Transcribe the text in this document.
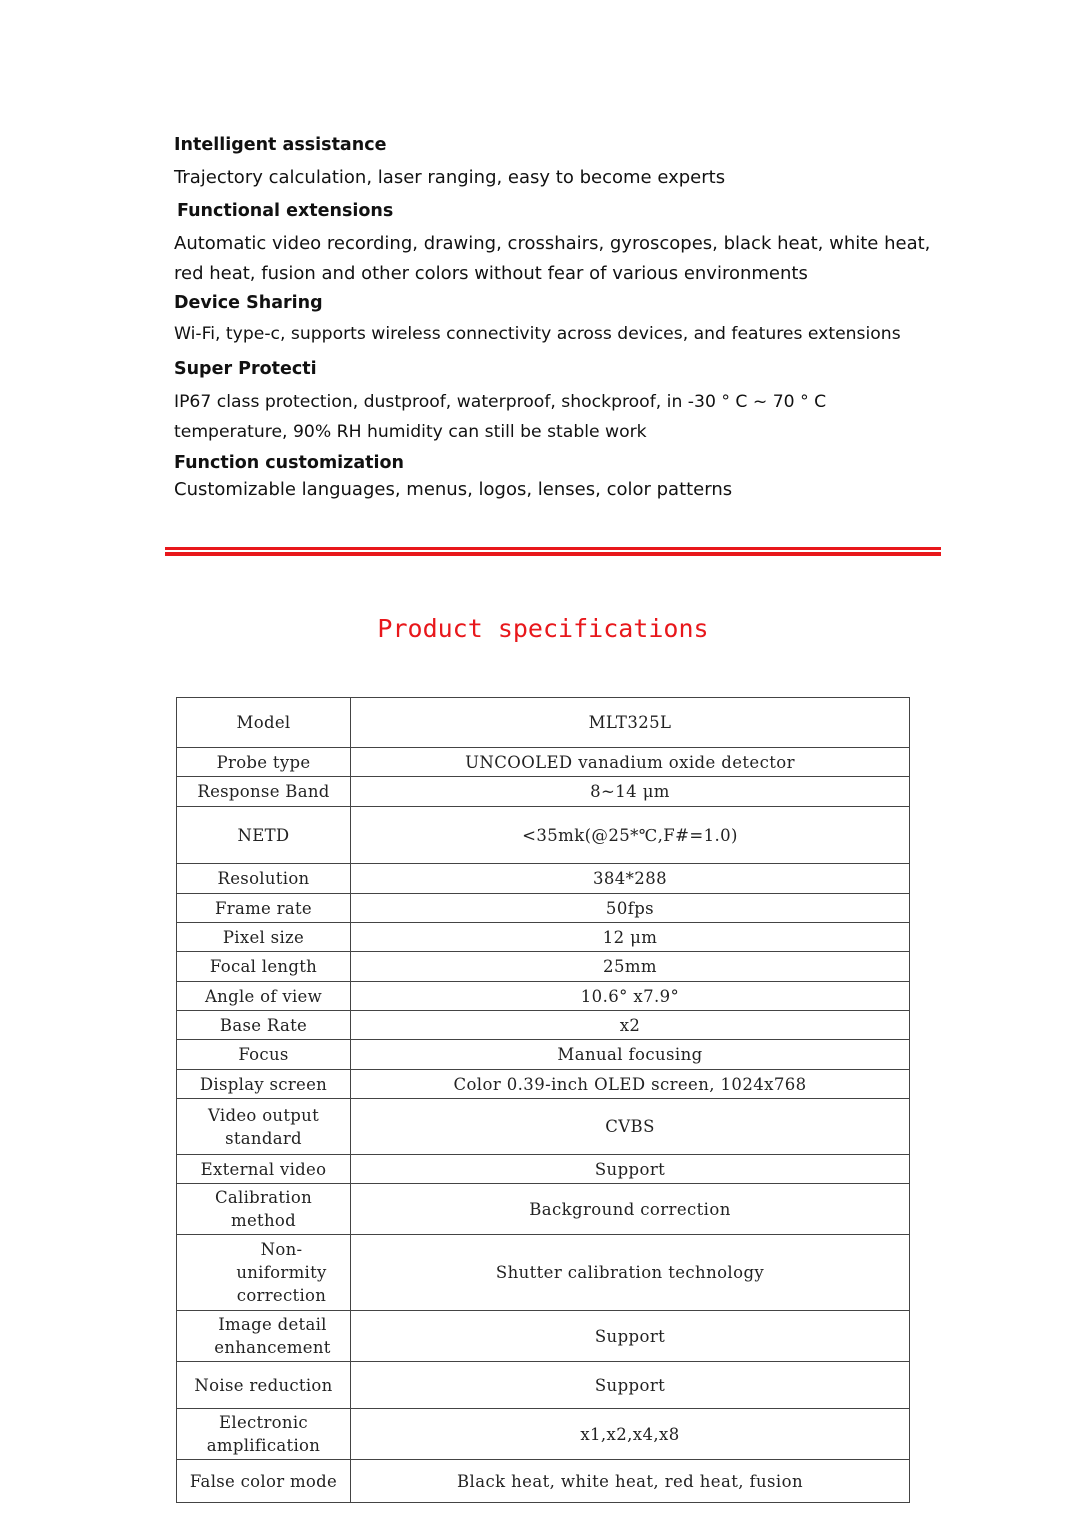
Intelligent assistance

Trajectory calculation, laser ranging, easy to become experts

Functional extensions

Automatic video recording, drawing, crosshairs, gyroscopes, black heat, white heat, red heat, fusion and other colors without fear of various environments

Device Sharing

Wi-Fi, type-c, supports wireless connectivity across devices, and features extensions

Super Protecti

IP67 class protection, dustproof, waterproof, shockproof, in -30 ° C ~ 70 ° C temperature, 90% RH humidity can still be stable work

Function customization

Customizable languages, menus, logos, lenses, color patterns

Product specifications
Model	MLT325L
Probe type	UNCOOLED vanadium oxide detector
Response Band	8~14 μm
NETD	<35mk(@25*℃,F#=1.0)
Resolution	384*288
Frame rate	50fps
Pixel size	12 μm
Focal length	25mm
Angle of view	10.6° x7.9°
Base Rate	x2
Focus	Manual focusing
Display screen	Color 0.39-inch OLED screen, 1024x768
Video output standard	CVBS
External video	Support
Calibration method	Background correction
Non-uniformity correction	Shutter calibration technology
Image detail enhancement	Support
Noise reduction	Support
Electronic amplification	x1,x2,x4,x8
False color mode	Black heat, white heat, red heat, fusion
